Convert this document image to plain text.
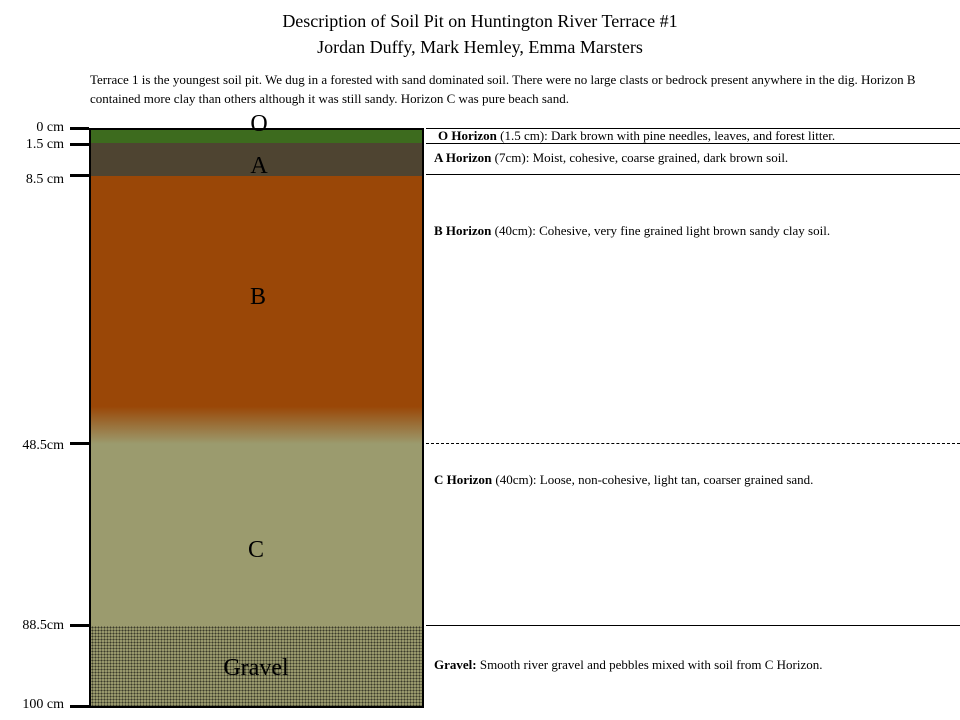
Description of Soil Pit on Huntington River Terrace #1
Jordan Duffy, Mark Hemley, Emma Marsters
Terrace 1 is the youngest soil pit. We dug in a forested with sand dominated soil. There were no large clasts or bedrock present anywhere in the dig. Horizon B contained more clay than others although it was still sandy. Horizon C was pure beach sand.
0 cm
1.5 cm
8.5 cm
48.5cm
88.5cm
100 cm
O
A
B
C
Gravel
O Horizon (1.5 cm): Dark brown with pine needles, leaves, and forest litter.
A Horizon (7cm): Moist, cohesive, coarse grained, dark brown soil.
B Horizon (40cm): Cohesive, very fine grained light brown sandy clay soil.
C Horizon (40cm): Loose, non-cohesive, light tan, coarser grained sand.
Gravel: Smooth river gravel and pebbles mixed with soil from C Horizon.
